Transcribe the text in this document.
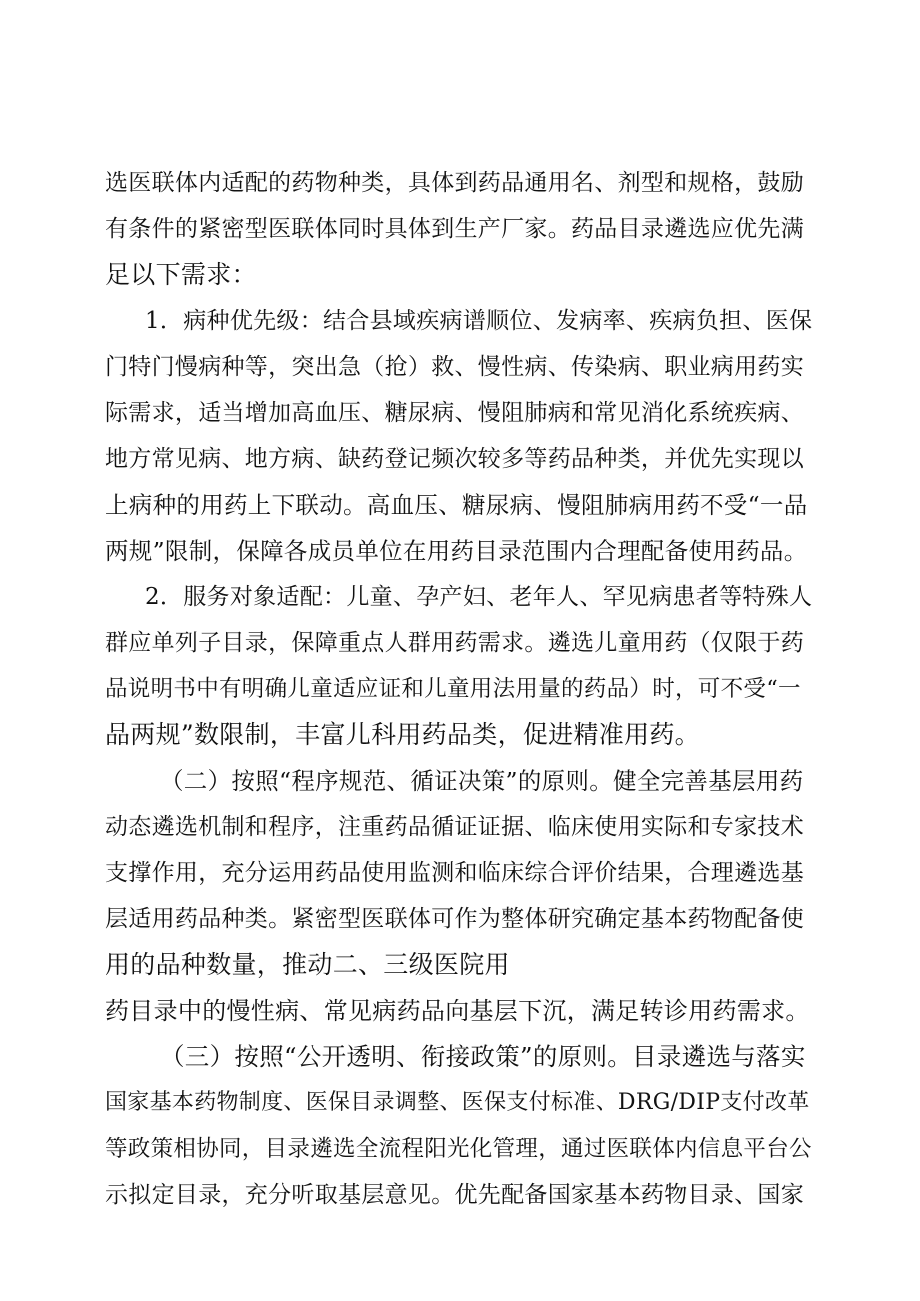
选医联体内适配的药物种类，具体到药品通用名、剂型和规格，鼓励
有条件的紧密型医联体同时具体到生产厂家。药品目录遴选应优先满
足以下需求：
1．病种优先级：结合县域疾病谱顺位、发病率、疾病负担、医保
门特门慢病种等，突出急（抢）救、慢性病、传染病、职业病用药实
际需求，适当增加高血压、糖尿病、慢阻肺病和常见消化系统疾病、
地方常见病、地方病、缺药登记频次较多等药品种类，并优先实现以
上病种的用药上下联动。高血压、糖尿病、慢阻肺病用药不受“一品
两规”限制，保障各成员单位在用药目录范围内合理配备使用药品。
2．服务对象适配：儿童、孕产妇、老年人、罕见病患者等特殊人
群应单列子目录，保障重点人群用药需求。遴选儿童用药（仅限于药
品说明书中有明确儿童适应证和儿童用法用量的药品）时，可不受“一
品两规”数限制，丰富儿科用药品类，促进精准用药。
（二）按照“程序规范、循证决策”的原则。健全完善基层用药
动态遴选机制和程序，注重药品循证证据、临床使用实际和专家技术
支撑作用，充分运用药品使用监测和临床综合评价结果，合理遴选基
层适用药品种类。紧密型医联体可作为整体研究确定基本药物配备使
用的品种数量，推动二、三级医院用
药目录中的慢性病、常见病药品向基层下沉，满足转诊用药需求。
（三）按照“公开透明、衔接政策”的原则。目录遴选与落实
国家基本药物制度、医保目录调整、医保支付标准、DRG/DIP支付改革
等政策相协同，目录遴选全流程阳光化管理，通过医联体内信息平台公
示拟定目录，充分听取基层意见。优先配备国家基本药物目录、国家
